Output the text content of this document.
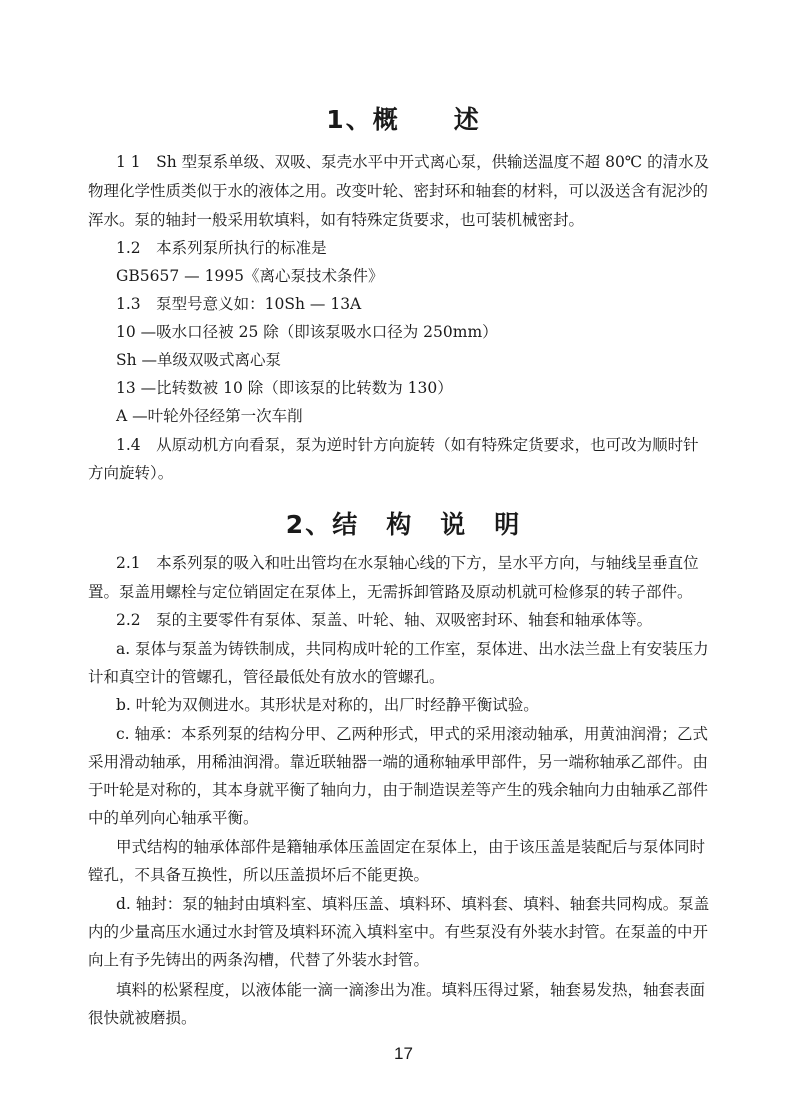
1、概　　述
1 1　Sh 型泵系单级、双吸、泵壳水平中开式离心泵，供输送温度不超 80℃ 的清水及
物理化学性质类似于水的液体之用。改变叶轮、密封环和轴套的材料，可以汲送含有泥沙的
浑水。泵的轴封一般采用软填料，如有特殊定货要求，也可装机械密封。
1.2　本系列泵所执行的标准是
GB5657 — 1995《离心泵技术条件》
1.3　泵型号意义如：10Sh — 13A
10 —吸水口径被 25 除（即该泵吸水口径为 250mm）
Sh —单级双吸式离心泵
13 —比转数被 10 除（即该泵的比转数为 130）
A —叶轮外径经第一次车削
1.4　从原动机方向看泵，泵为逆时针方向旋转（如有特殊定货要求，也可改为顺时针
方向旋转）。
2、结　构　说　明
2.1　本系列泵的吸入和吐出管均在水泵轴心线的下方，呈水平方向，与轴线呈垂直位
置。泵盖用螺栓与定位销固定在泵体上，无需拆卸管路及原动机就可检修泵的转子部件。
2.2　泵的主要零件有泵体、泵盖、叶轮、轴、双吸密封环、轴套和轴承体等。
a. 泵体与泵盖为铸铁制成，共同构成叶轮的工作室，泵体进、出水法兰盘上有安装压力
计和真空计的管螺孔，管径最低处有放水的管螺孔。
b. 叶轮为双侧进水。其形状是对称的，出厂时经静平衡试验。
c. 轴承：本系列泵的结构分甲、乙两种形式，甲式的采用滚动轴承，用黄油润滑；乙式
采用滑动轴承，用稀油润滑。靠近联轴器一端的通称轴承甲部件，另一端称轴承乙部件。由
于叶轮是对称的，其本身就平衡了轴向力，由于制造误差等产生的残余轴向力由轴承乙部件
中的单列向心轴承平衡。
甲式结构的轴承体部件是籍轴承体压盖固定在泵体上，由于该压盖是装配后与泵体同时
镗孔，不具备互换性，所以压盖损坏后不能更换。
d. 轴封：泵的轴封由填料室、填料压盖、填料环、填料套、填料、轴套共同构成。泵盖
内的少量高压水通过水封管及填料环流入填料室中。有些泵没有外装水封管。在泵盖的中开
向上有予先铸出的两条沟槽，代替了外装水封管。
填料的松紧程度，以液体能一滴一滴渗出为准。填料压得过紧，轴套易发热，轴套表面
很快就被磨损。
17
